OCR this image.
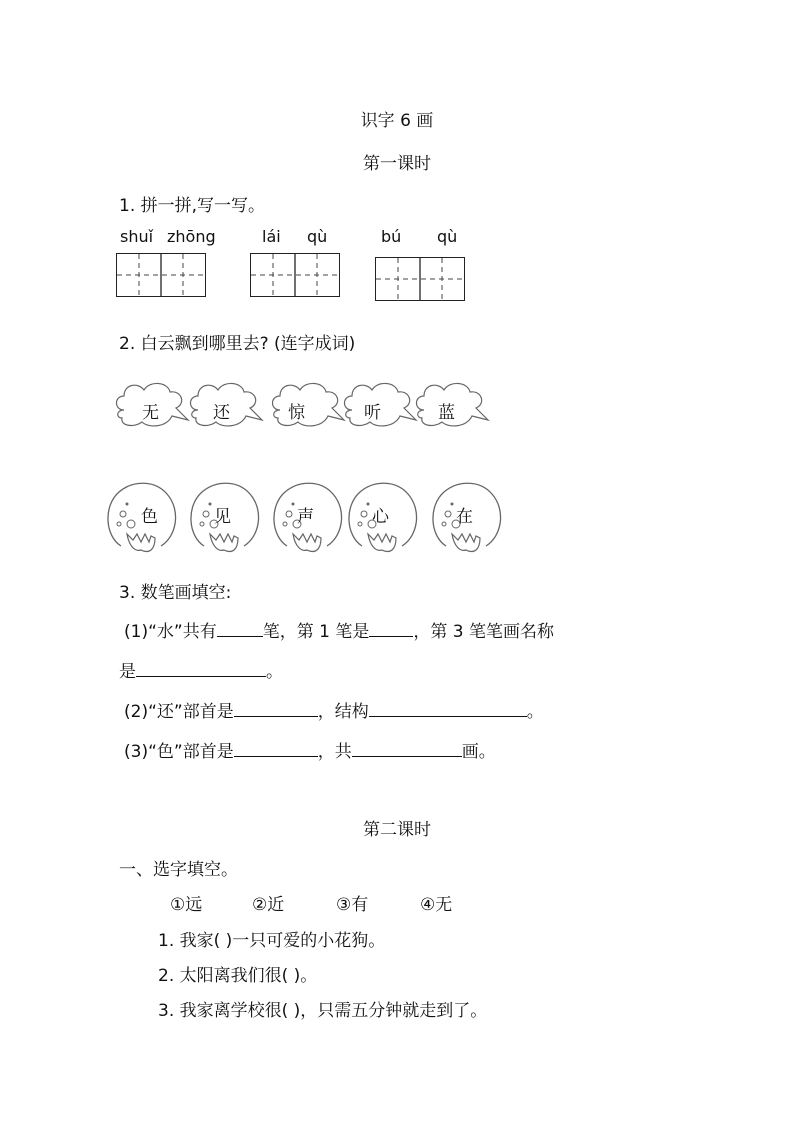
识字 6 画
第一课时
1. 拼一拼,写一写。
shuǐ zhōng	lái qù	bú qù
2. 白云飘到哪里去? (连字成词)
无	还	惊	听	蓝
色	见	声	心	在
3. 数笔画填空:
(1)“水”共有	笔，第 1 笔是	，第 3 笔笔画名称
是	。
(2)“还”部首是	，结构	。
(3)“色”部首是	，共	画。
第二课时
一、选字填空。
①远	②近	③有	④无
1. 我家( )一只可爱的小花狗。
2. 太阳离我们很( )。
3. 我家离学校很( )，只需五分钟就走到了。
